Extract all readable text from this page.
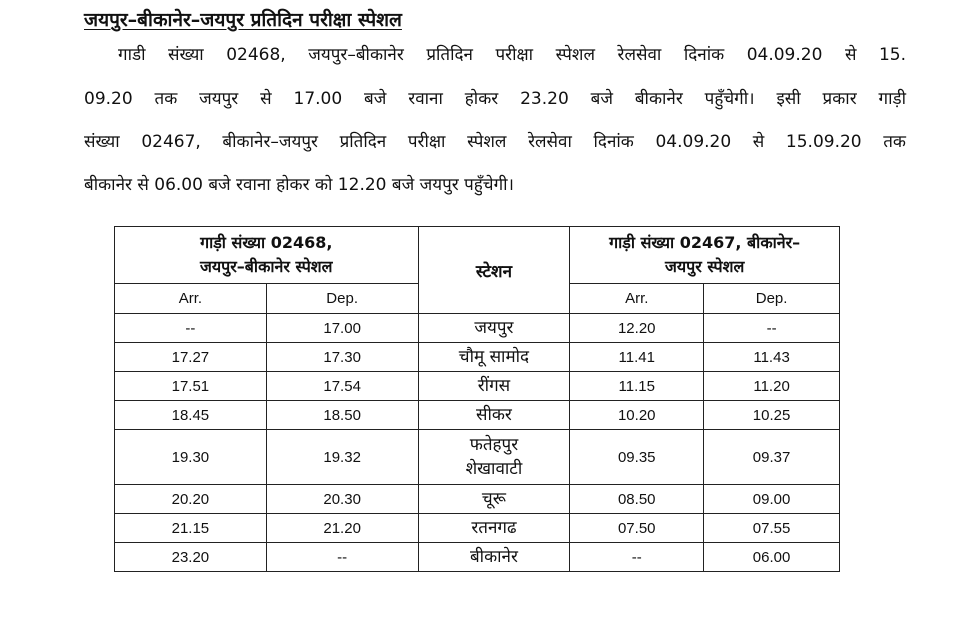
जयपुर–बीकानेर–जयपुर प्रतिदिन परीक्षा स्पेशल
गाडी संख्या 02468, जयपुर–बीकानेर प्रतिदिन परीक्षा स्पेशल रेलसेवा दिनांक 04.09.20 से 15.
09.20 तक जयपुर से 17.00 बजे रवाना होकर 23.20 बजे बीकानेर पहुँचेगी। इसी प्रकार गाड़ी
संख्या 02467, बीकानेर–जयपुर प्रतिदिन परीक्षा स्पेशल रेलसेवा दिनांक 04.09.20 से 15.09.20 तक
बीकानेर से 06.00 बजे रवाना होकर को 12.20 बजे जयपुर पहुँचेगी।
गाड़ी संख्या 02468,
जयपुर–बीकानेर स्पेशल		स्टेशन	गाड़ी संख्या 02467, बीकानेर–
जयपुर स्पेशल	

Arr.	Dep.		Arr.	Dep.
--	17.00	जयपुर	12.20	--
17.27	17.30	चौमू सामोद	11.41	11.43
17.51	17.54	रींगस	11.15	11.20
18.45	18.50	सीकर	10.20	10.25
19.30	19.32	फतेहपुर
शेखावाटी	09.35	09.37
20.20	20.30	चूरू	08.50	09.00
21.15	21.20	रतनगढ	07.50	07.55
23.20	--	बीकानेर	--	06.00
